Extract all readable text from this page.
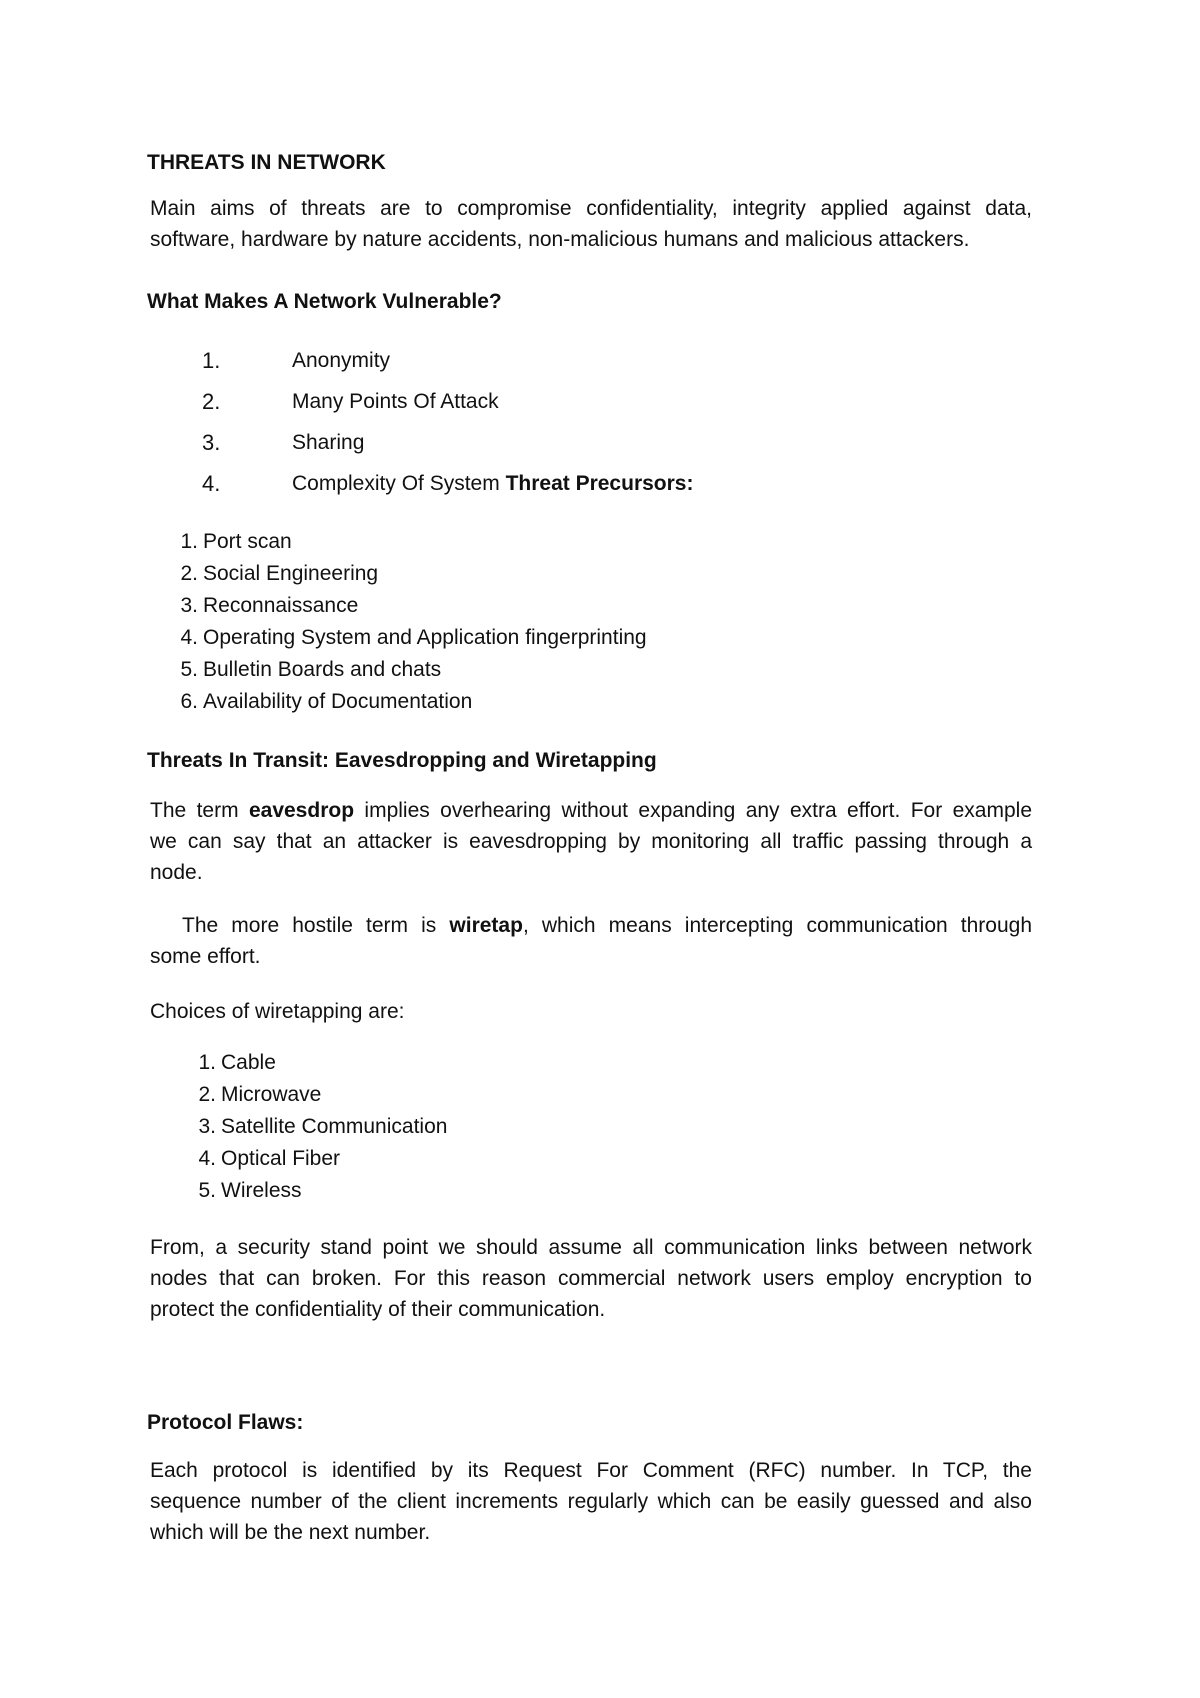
THREATS IN NETWORK

Main aims of threats are to compromise confidentiality, integrity applied against data,
software, hardware by nature accidents, non-malicious humans and malicious attackers.

What Makes A Network Vulnerable?
1.	Anonymity
2.	Many Points Of Attack
3.	Sharing
4.	Complexity Of System Threat Precursors:
1. Port scan
2. Social Engineering
3. Reconnaissance
4. Operating System and Application fingerprinting
5. Bulletin Boards and chats
6. Availability of Documentation
Threats In Transit: Eavesdropping and Wiretapping

The term eavesdrop implies overhearing without expanding any extra effort. For example
we can say that an attacker is eavesdropping by monitoring all traffic passing through a
node.

The more hostile term is wiretap, which means intercepting communication through
some effort.

Choices of wiretapping are:

1. Cable
2. Microwave
3. Satellite Communication
4. Optical Fiber
5. Wireless

From, a security stand point we should assume all communication links between network
nodes that can broken. For this reason commercial network users employ encryption to
protect the confidentiality of their communication.

Protocol Flaws:

Each protocol is identified by its Request For Comment (RFC) number. In TCP, the
sequence number of the client increments regularly which can be easily guessed and also
which will be the next number.
